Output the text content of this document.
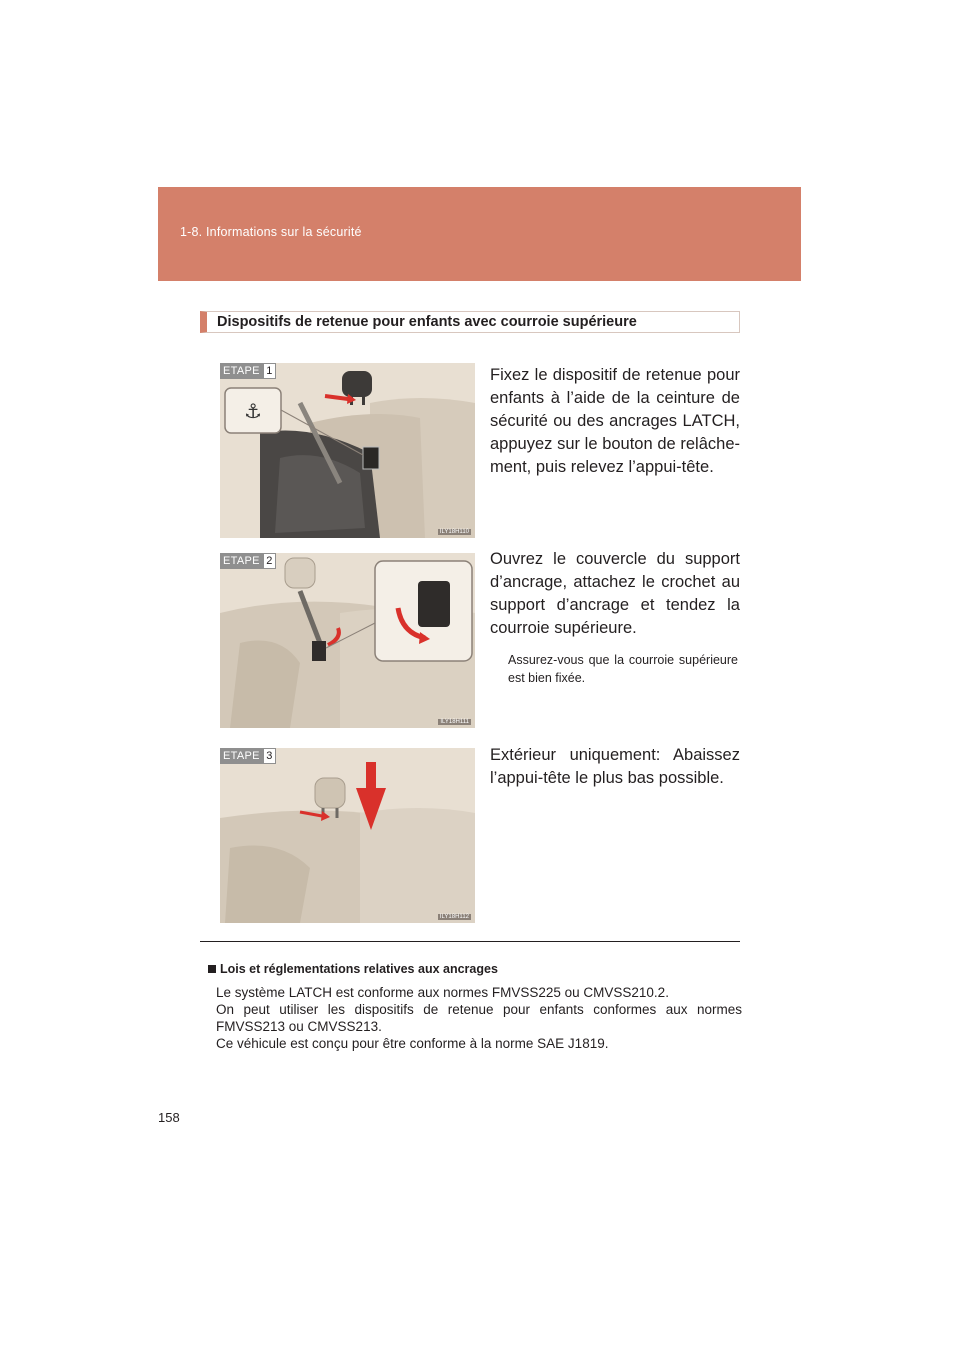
1-8. Informations sur la sécurité
Dispositifs de retenue pour enfants avec courroie supérieure
⚓
ILY18H110
ETAPE 1	Fixez le dispositif de retenue pour enfants à l’aide de la ceinture de sécurité ou des ancrages LATCH, appuyez sur le bouton de relâche-ment, puis relevez l’appui-tête.
ILY18H111
ETAPE 2	Ouvrez le couvercle du support d’ancrage, attachez le crochet au support d’ancrage et tendez la courroie supérieure.
Assurez-vous que la courroie supérieure est bien fixée.
ILY18H112
ETAPE 3	Extérieur uniquement: Abaissez l’appui-tête le plus bas possible.
Lois et réglementations relatives aux ancrages

Le système LATCH est conforme aux normes FMVSS225 ou CMVSS210.2.

On peut utiliser les dispositifs de retenue pour enfants conformes aux normes FMVSS213 ou CMVSS213.

Ce véhicule est conçu pour être conforme à la norme SAE J1819.

158
